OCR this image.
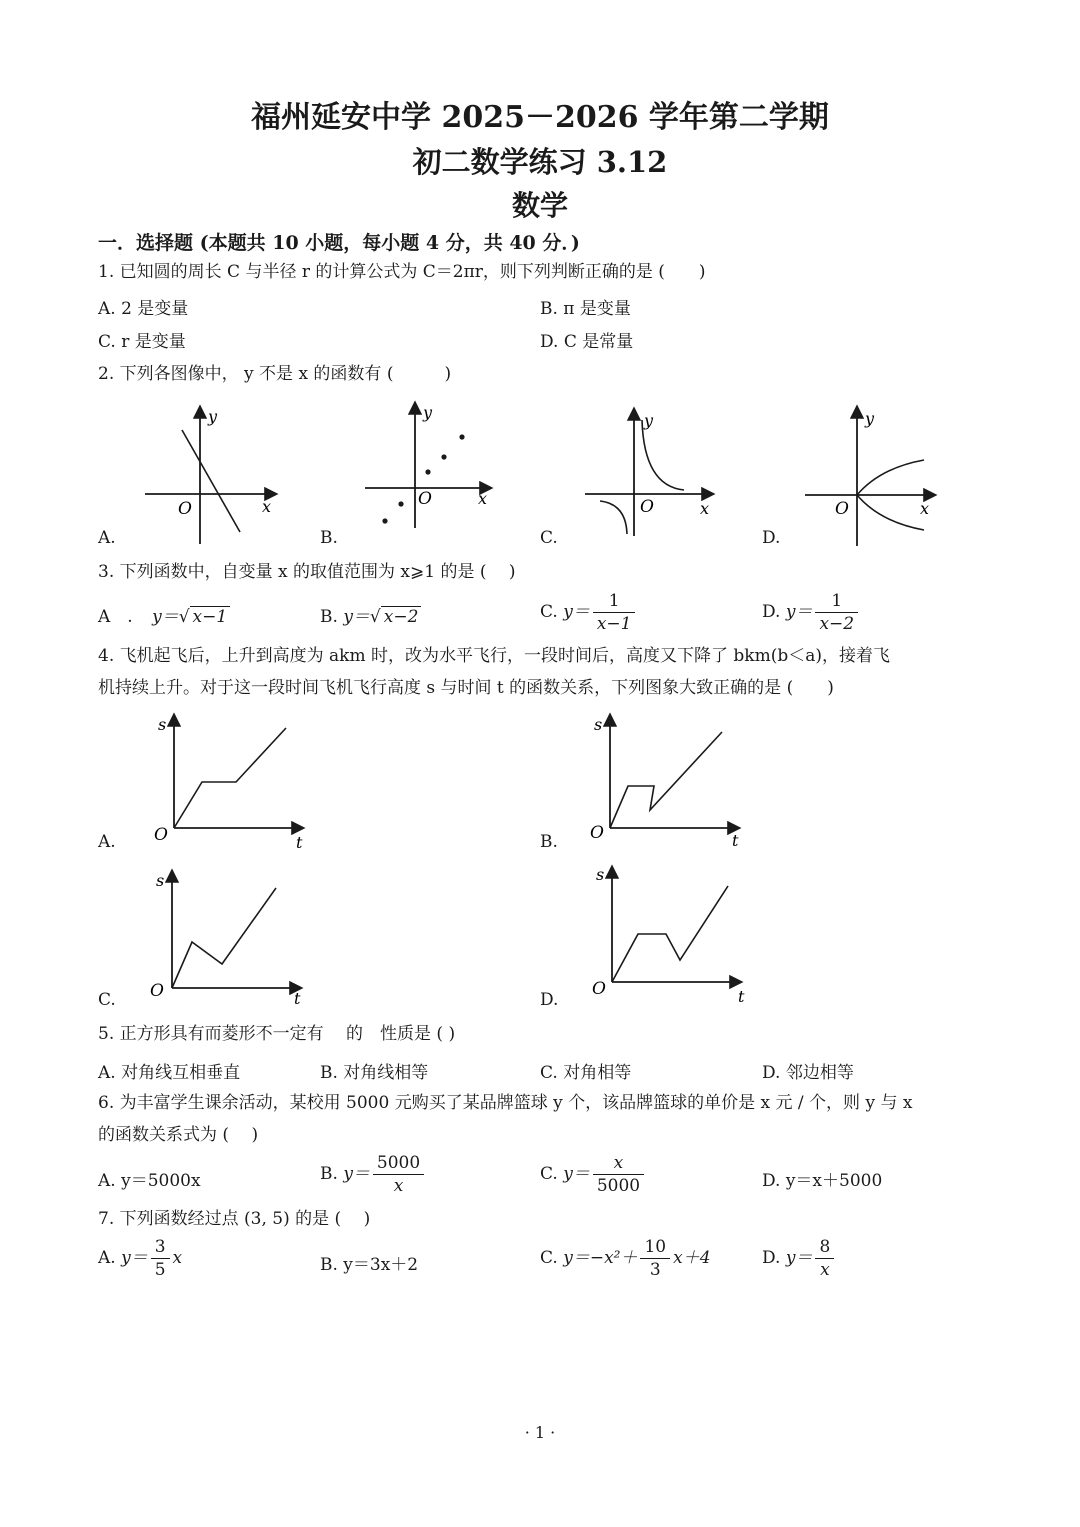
福州延安中学 2025－2026 学年第二学期
初二数学练习 3.12
数学
一．选择题 (本题共 10 小题，每小题 4 分，共 40 分．)
1. 已知圆的周长 C 与半径 r 的计算公式为 C＝2πr，则下列判断正确的是 (　　)
A. 2 是变量	B. π 是变量
C. r 是变量	D. C 是常量
2. 下列各图像中， y 不是 x 的函数有 (　　　)
y
x
O
A.
y
x
O
B.
y
x
O
C.
y
x
O
D.
3. 下列函数中，自变量 x 的取值范围为 x⩾1 的是 (　 )
A　. y＝√ x−1	B. y＝√ x−2	C. $y= \frac{1}{x-1}$	D. $y= \frac{1}{x-2}$
4. 飞机起飞后，上升到高度为 akm 时，改为水平飞行，一段时间后，高度又下降了 bkm(b＜a)，接着飞
机持续上升。对于这一段时间飞机飞行高度 s 与时间 t 的函数关系，下列图象大致正确的是 (　　)
s
t
O
A.
s
t
O
B.
s
t
O
C.
s
t
O
D.
5. 正方形具有而菱形不一定有　 的　性质是 ( )
A. 对角线互相垂直	B. 对角线相等	C. 对角相等	D. 邻边相等
6. 为丰富学生课余活动，某校用 5000 元购买了某品牌篮球 y 个，该品牌篮球的单价是 x 元 / 个，则 y 与 x
的函数关系式为 (　 )
A. y＝5000x	B. $y= \frac{5000}{x}$	C. $y= \frac{x}{5000}$	D. y＝x＋5000
7. 下列函数经过点 (3, 5) 的是 (　 )
A. $y= \frac{3}{5}$ x	B. y＝3x＋2	C. $y=-x^2+ \frac{10}{3} x+4$	D. $y= \frac{8}{x}$
· 1 ·
